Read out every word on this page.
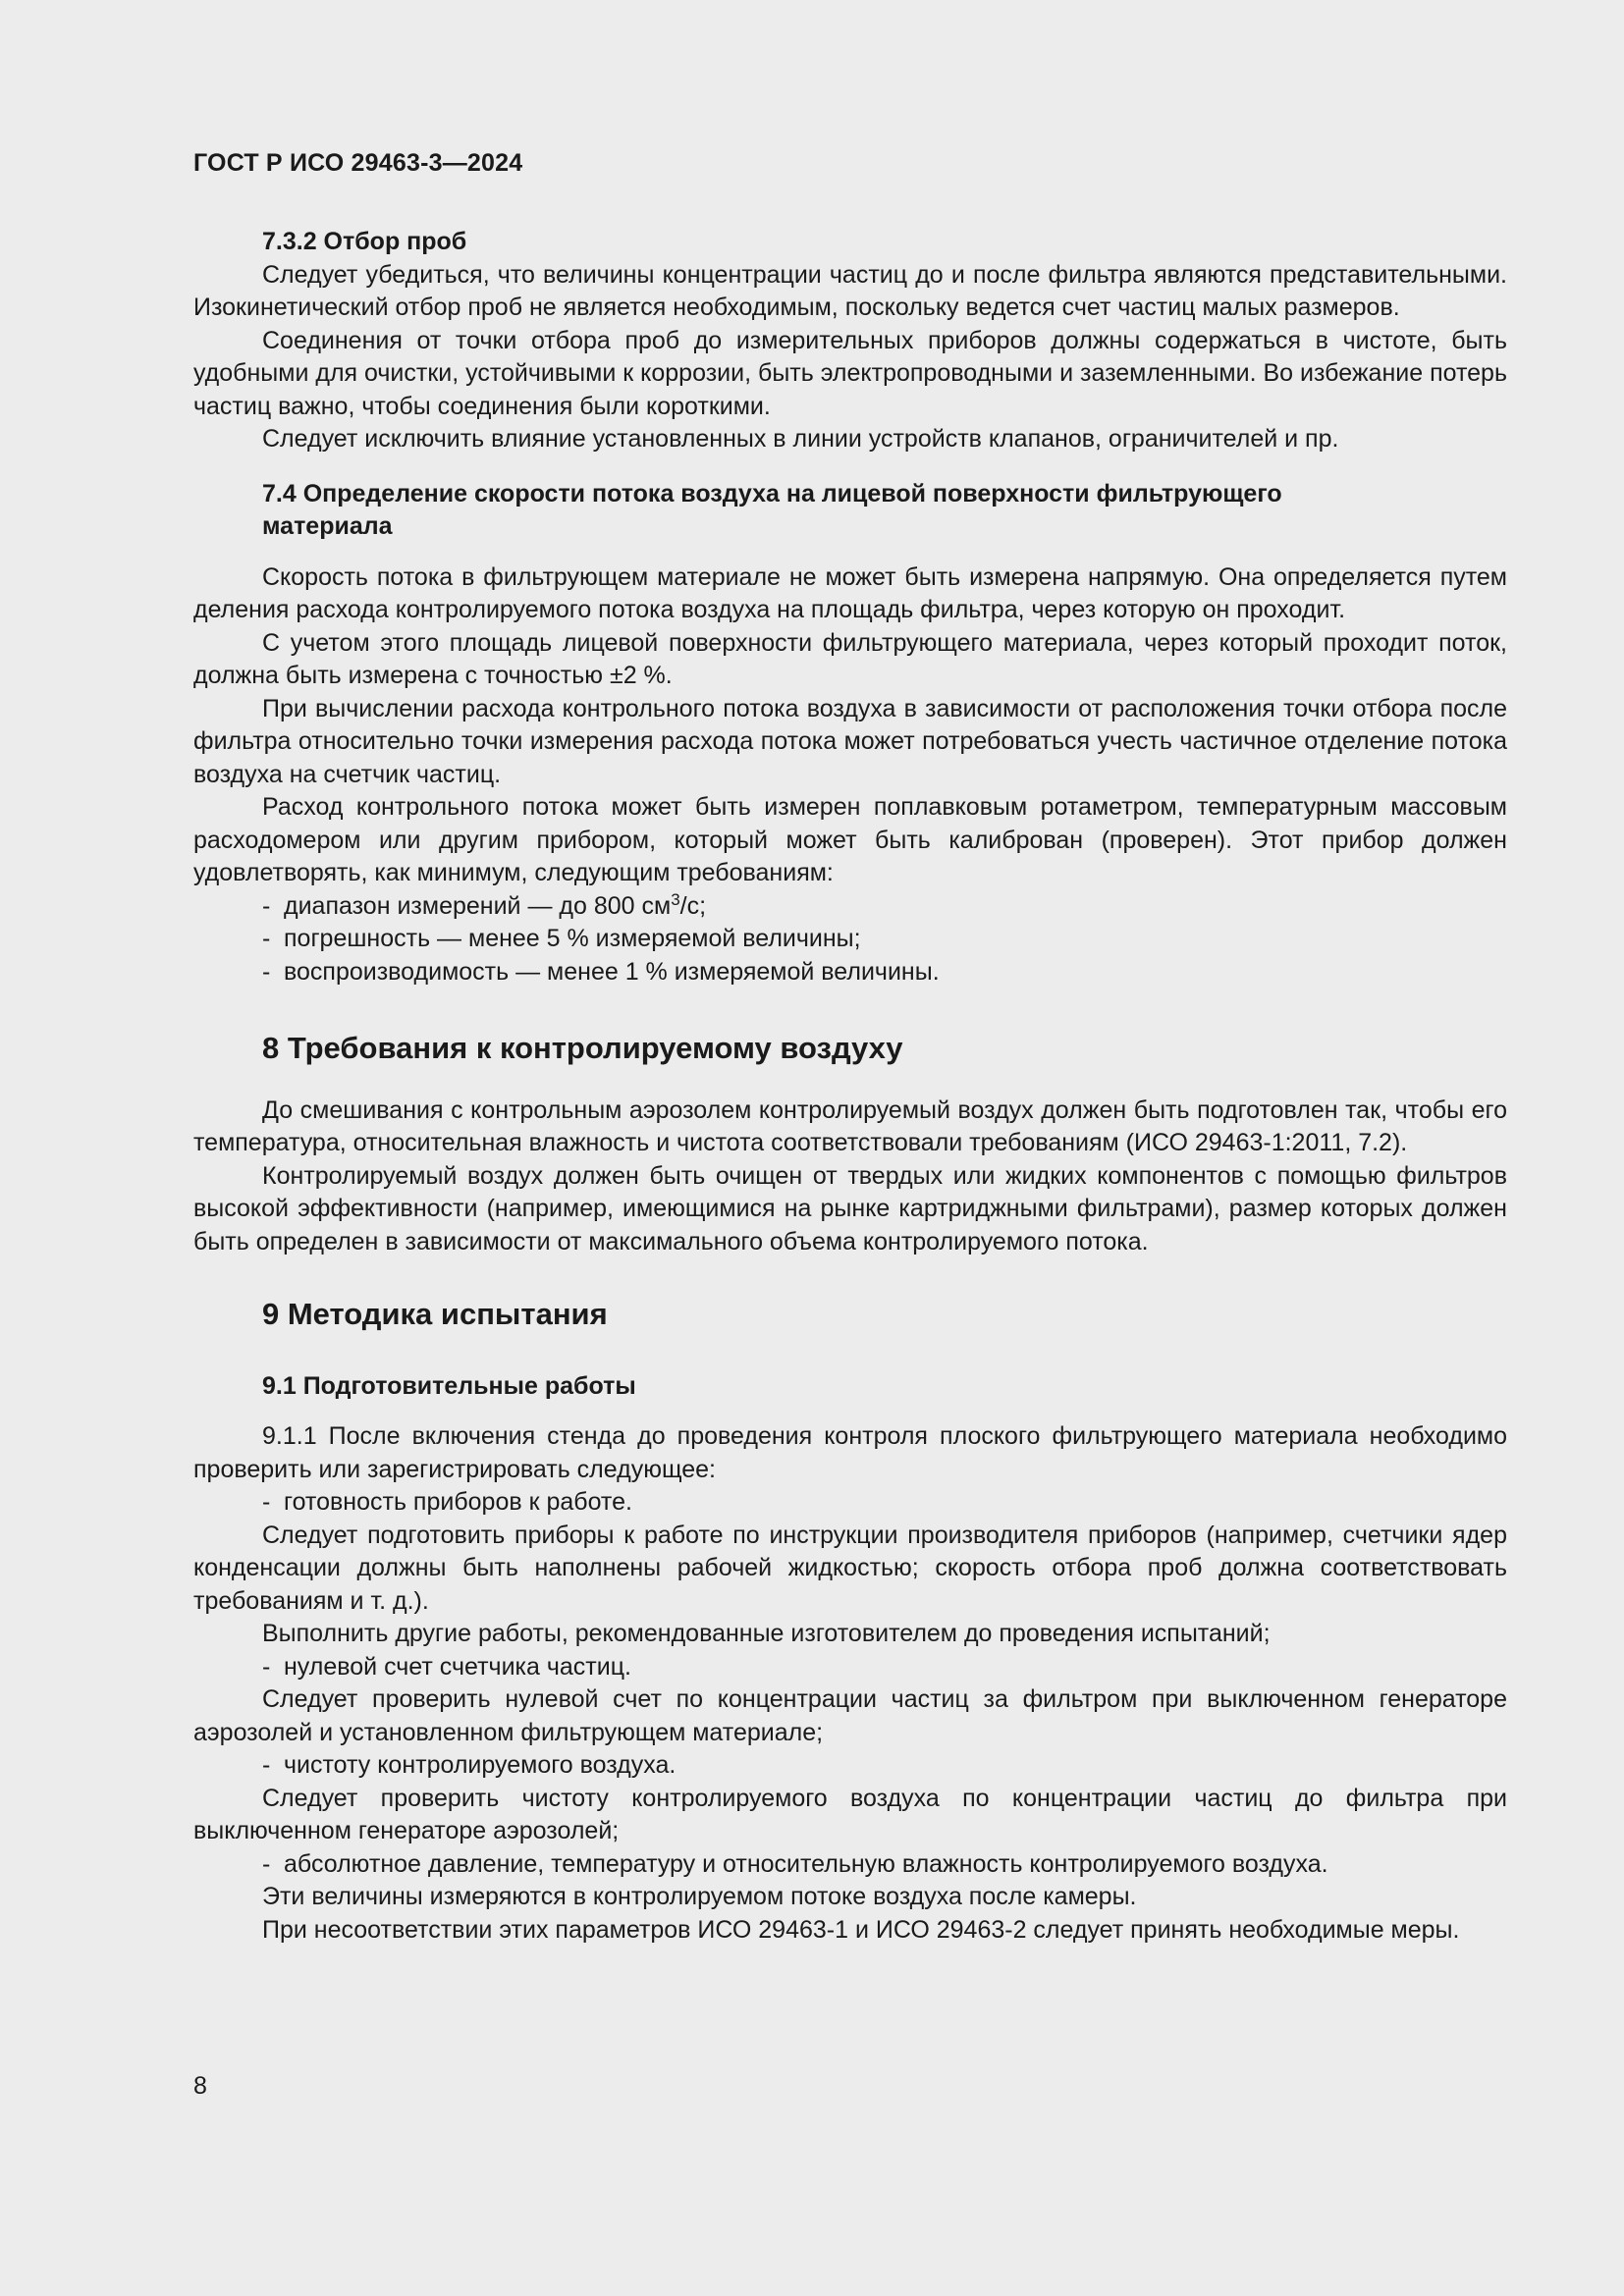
ГОСТ Р ИСО 29463-3—2024
7.3.2 Отбор проб

Следует убедиться, что величины концентрации частиц до и после фильтра являются представительными. Изокинетический отбор проб не является необходимым, поскольку ведется счет частиц малых размеров.

Соединения от точки отбора проб до измерительных приборов должны содержаться в чистоте, быть удобными для очистки, устойчивыми к коррозии, быть электропроводными и заземленными. Во избежание потерь частиц важно, чтобы соединения были короткими.

Следует исключить влияние установленных в линии устройств клапанов, ограничителей и пр.

7.4 Определение скорости потока воздуха на лицевой поверхности фильтрующего
материала

Скорость потока в фильтрующем материале не может быть измерена напрямую. Она определяется путем деления расхода контролируемого потока воздуха на площадь фильтра, через которую он проходит.

С учетом этого площадь лицевой поверхности фильтрующего материала, через который проходит поток, должна быть измерена с точностью ±2 %.

При вычислении расхода контрольного потока воздуха в зависимости от расположения точки отбора после фильтра относительно точки измерения расхода потока может потребоваться учесть частичное отделение потока воздуха на счетчик частиц.

Расход контрольного потока может быть измерен поплавковым ротаметром, температурным массовым расходомером или другим прибором, который может быть калиброван (проверен). Этот прибор должен удовлетворять, как минимум, следующим требованиям:

- диапазон измерений — до 800 $см^3/с$;
- погрешность — менее 5 % измеряемой величины;
- воспроизводимость — менее 1 % измеряемой величины.
8 Требования к контролируемому воздуху

До смешивания с контрольным аэрозолем контролируемый воздух должен быть подготовлен так, чтобы его температура, относительная влажность и чистота соответствовали требованиям (ИСО 29463-1:2011, 7.2).

Контролируемый воздух должен быть очищен от твердых или жидких компонентов с помощью фильтров высокой эффективности (например, имеющимися на рынке картриджными фильтрами), размер которых должен быть определен в зависимости от максимального объема контролируемого потока.

9 Методика испытания
9.1 Подготовительные работы

9.1.1 После включения стенда до проведения контроля плоского фильтрующего материала необходимо проверить или зарегистрировать следующее:

- готовность приборов к работе.

Следует подготовить приборы к работе по инструкции производителя приборов (например, счетчики ядер конденсации должны быть наполнены рабочей жидкостью; скорость отбора проб должна соответствовать требованиям и т. д.).

Выполнить другие работы, рекомендованные изготовителем до проведения испытаний;

- нулевой счет счетчика частиц.

Следует проверить нулевой счет по концентрации частиц за фильтром при выключенном генераторе аэрозолей и установленном фильтрующем материале;

- чистоту контролируемого воздуха.

Следует проверить чистоту контролируемого воздуха по концентрации частиц до фильтра при выключенном генераторе аэрозолей;

- абсолютное давление, температуру и относительную влажность контролируемого воздуха.

Эти величины измеряются в контролируемом потоке воздуха после камеры.

При несоответствии этих параметров ИСО 29463-1 и ИСО 29463-2 следует принять необходимые меры.

8
